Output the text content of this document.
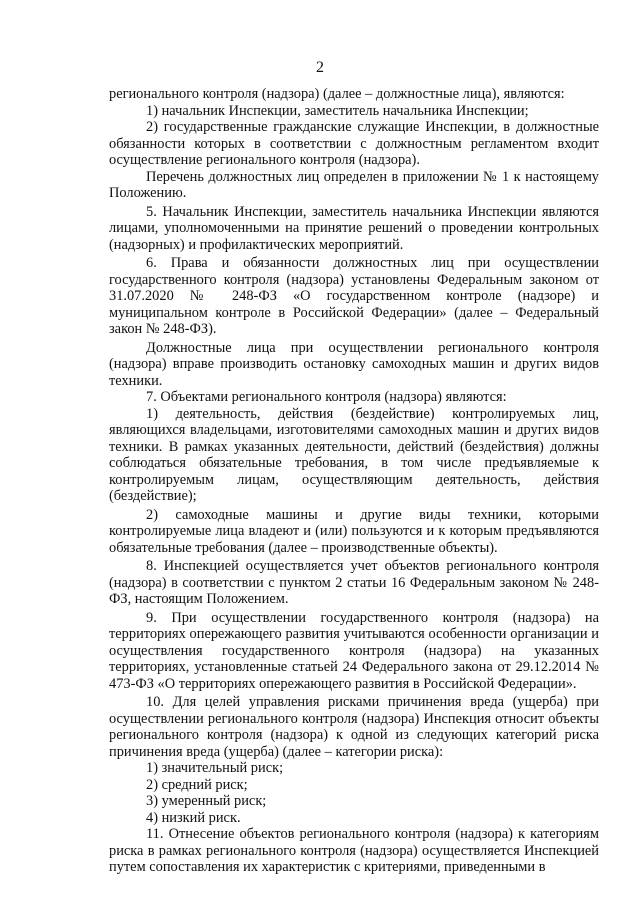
2

регионального контроля (надзора) (далее – должностные лица), являются:

1) начальник Инспекции, заместитель начальника Инспекции;

2) государственные гражданские служащие Инспекции, в должностные обязанности которых в соответствии с должностным регламентом входит осуществление регионального контроля (надзора).

Перечень должностных лиц определен в приложении № 1 к настоящему Положению.

5. Начальник Инспекции, заместитель начальника Инспекции являются лицами, уполномоченными на принятие решений о проведении контрольных (надзорных) и профилактических мероприятий.

6. Права и обязанности должностных лиц при осуществлении государственного контроля (надзора) установлены Федеральным законом от 31.07.2020 № 248-ФЗ «О государственном контроле (надзоре) и муниципальном контроле в Российской Федерации» (далее – Федеральный закон № 248-ФЗ).

Должностные лица при осуществлении регионального контроля (надзора) вправе производить остановку самоходных машин и других видов техники.

7. Объектами регионального контроля (надзора) являются:

1) деятельность, действия (бездействие) контролируемых лиц, являющихся владельцами, изготовителями самоходных машин и других видов техники. В рамках указанных деятельности, действий (бездействия) должны соблюдаться обязательные требования, в том числе предъявляемые к контролируемым лицам, осуществляющим деятельность, действия (бездействие);

2) самоходные машины и другие виды техники, которыми контролируемые лица владеют и (или) пользуются и к которым предъявляются обязательные требования (далее – производственные объекты).

8. Инспекцией осуществляется учет объектов регионального контроля (надзора) в соответствии с пунктом 2 статьи 16 Федеральным законом № 248-ФЗ, настоящим Положением.

9. При осуществлении государственного контроля (надзора) на территориях опережающего развития учитываются особенности организации и осуществления государственного контроля (надзора) на указанных территориях, установленные статьей 24 Федерального закона от 29.12.2014 № 473-ФЗ «О территориях опережающего развития в Российской Федерации».

10. Для целей управления рисками причинения вреда (ущерба) при осуществлении регионального контроля (надзора) Инспекция относит объекты регионального контроля (надзора) к одной из следующих категорий риска причинения вреда (ущерба) (далее – категории риска):

1) значительный риск;

2) средний риск;

3) умеренный риск;

4) низкий риск.

11. Отнесение объектов регионального контроля (надзора) к категориям риска в рамках регионального контроля (надзора) осуществляется Инспекцией путем сопоставления их характеристик с критериями, приведенными в
